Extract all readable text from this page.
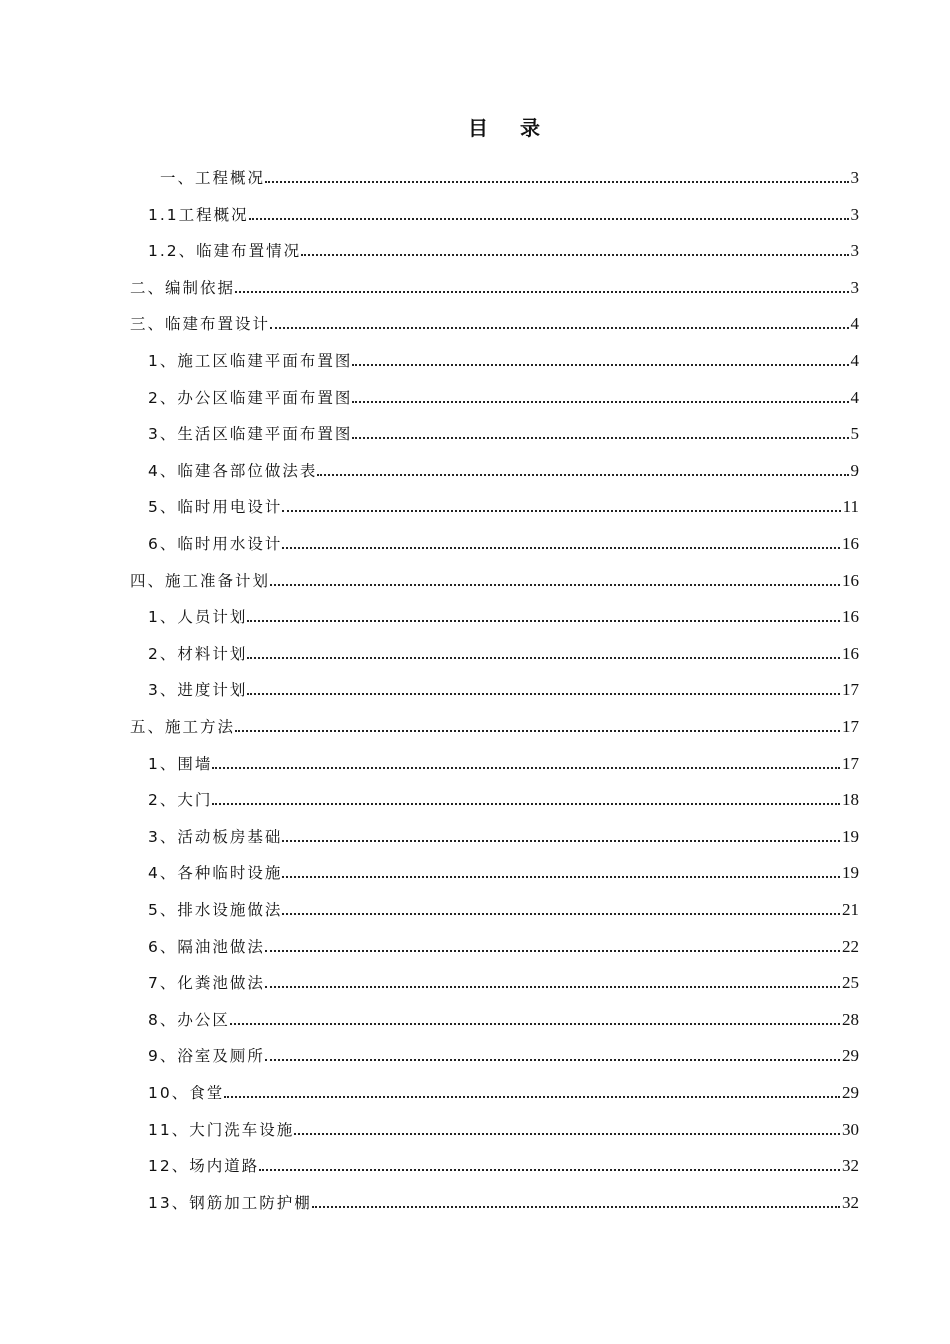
目 录
一、工程概况	3
1.1工程概况	3
1.2、临建布置情况	3
二、编制依据	3
三、临建布置设计	4
1、施工区临建平面布置图	4
2、办公区临建平面布置图	4
3、生活区临建平面布置图	5
4、临建各部位做法表	9
5、临时用电设计	11
6、临时用水设计	16
四、施工准备计划	16
1、人员计划	16
2、材料计划	16
3、进度计划	17
五、施工方法	17
1、围墙	17
2、大门	18
3、活动板房基础	19
4、各种临时设施	19
5、排水设施做法	21
6、隔油池做法	22
7、化粪池做法	25
8、办公区	28
9、浴室及厕所	29
10、食堂	29
11、大门洗车设施	30
12、场内道路	32
13、钢筋加工防护棚	32
